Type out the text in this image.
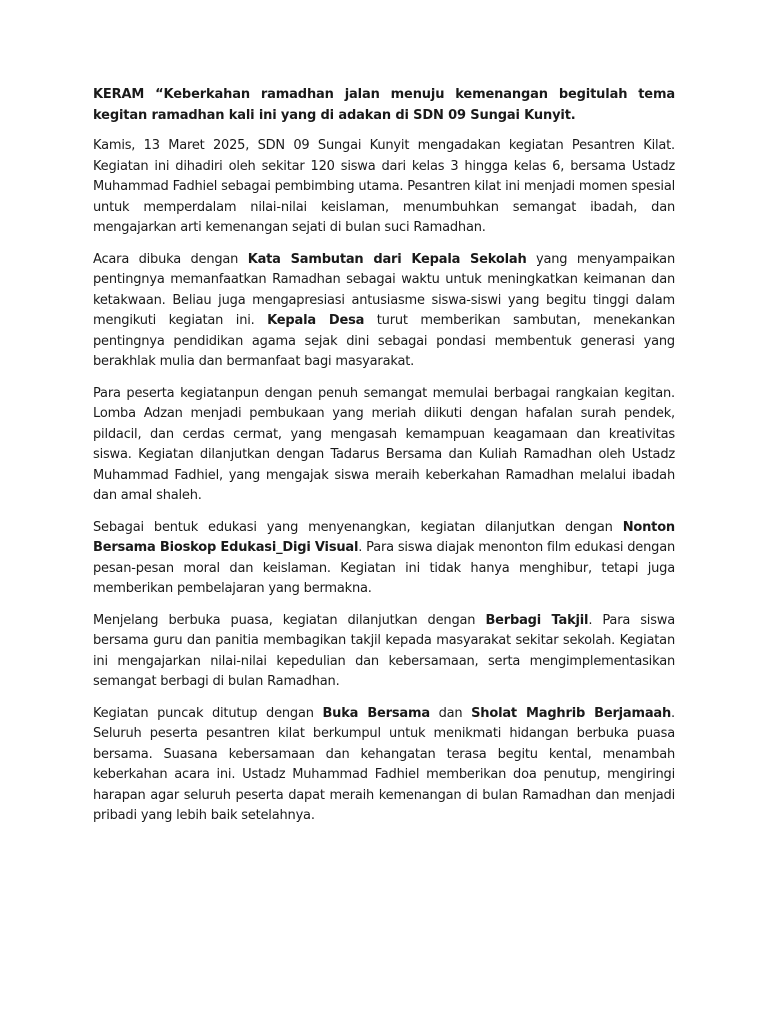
KERAM “Keberkahan ramadhan jalan menuju kemenangan begitulah tema kegitan ramadhan kali ini yang di adakan di SDN 09 Sungai Kunyit.

Kamis, 13 Maret 2025, SDN 09 Sungai Kunyit mengadakan kegiatan Pesantren Kilat. Kegiatan ini dihadiri oleh sekitar 120 siswa dari kelas 3 hingga kelas 6, bersama Ustadz Muhammad Fadhiel sebagai pembimbing utama. Pesantren kilat ini menjadi momen spesial untuk memperdalam nilai-nilai keislaman, menumbuhkan semangat ibadah, dan mengajarkan arti kemenangan sejati di bulan suci Ramadhan.

Acara dibuka dengan Kata Sambutan dari Kepala Sekolah yang menyampaikan pentingnya memanfaatkan Ramadhan sebagai waktu untuk meningkatkan keimanan dan ketakwaan. Beliau juga mengapresiasi antusiasme siswa-siswi yang begitu tinggi dalam mengikuti kegiatan ini. Kepala Desa turut memberikan sambutan, menekankan pentingnya pendidikan agama sejak dini sebagai pondasi membentuk generasi yang berakhlak mulia dan bermanfaat bagi masyarakat.

Para peserta kegiatanpun dengan penuh semangat memulai berbagai rangkaian kegitan. Lomba Adzan menjadi pembukaan yang meriah diikuti dengan hafalan surah pendek, pildacil, dan cerdas cermat, yang mengasah kemampuan keagamaan dan kreativitas siswa. Kegiatan dilanjutkan dengan Tadarus Bersama dan Kuliah Ramadhan oleh Ustadz Muhammad Fadhiel, yang mengajak siswa meraih keberkahan Ramadhan melalui ibadah dan amal shaleh.

Sebagai bentuk edukasi yang menyenangkan, kegiatan dilanjutkan dengan Nonton Bersama Bioskop Edukasi_Digi Visual. Para siswa diajak menonton film edukasi dengan pesan-pesan moral dan keislaman. Kegiatan ini tidak hanya menghibur, tetapi juga memberikan pembelajaran yang bermakna.

Menjelang berbuka puasa, kegiatan dilanjutkan dengan Berbagi Takjil. Para siswa bersama guru dan panitia membagikan takjil kepada masyarakat sekitar sekolah. Kegiatan ini mengajarkan nilai-nilai kepedulian dan kebersamaan, serta mengimplementasikan semangat berbagi di bulan Ramadhan.

Kegiatan puncak ditutup dengan Buka Bersama dan Sholat Maghrib Berjamaah. Seluruh peserta pesantren kilat berkumpul untuk menikmati hidangan berbuka puasa bersama. Suasana kebersamaan dan kehangatan terasa begitu kental, menambah keberkahan acara ini. Ustadz Muhammad Fadhiel memberikan doa penutup, mengiringi harapan agar seluruh peserta dapat meraih kemenangan di bulan Ramadhan dan menjadi pribadi yang lebih baik setelahnya.
